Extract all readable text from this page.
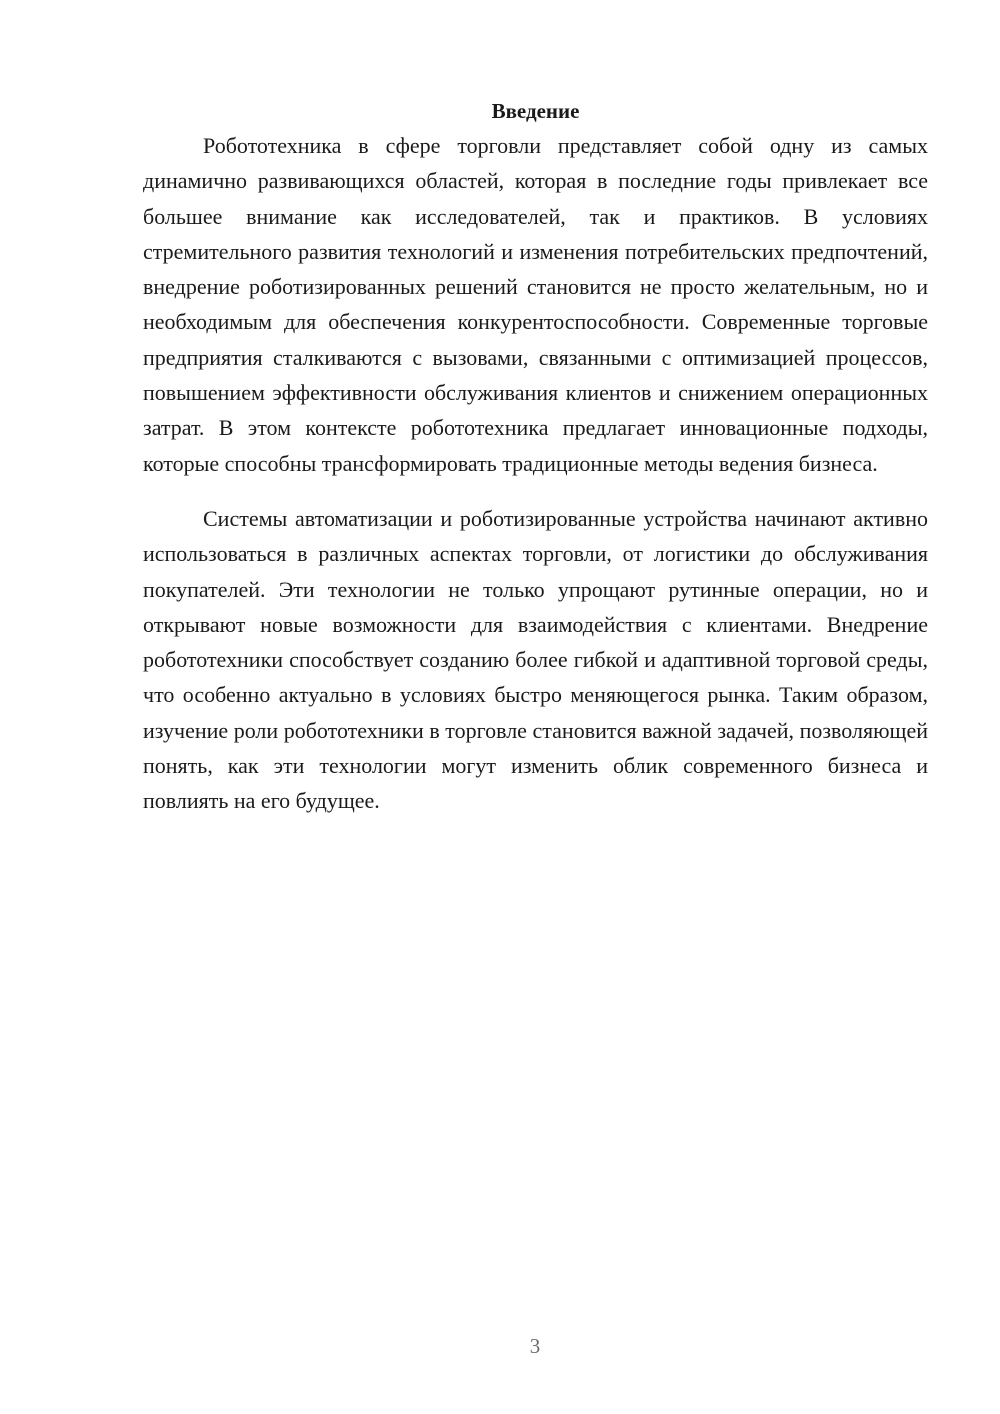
Введение

Робототехника в сфере торговли представляет собой одну из самых динамично развивающихся областей, которая в последние годы привлекает все большее внимание как исследователей, так и практиков. В условиях стремительного развития технологий и изменения потребительских предпочтений, внедрение роботизированных решений становится не просто желательным, но и необходимым для обеспечения конкурентоспособности. Современные торговые предприятия сталкиваются с вызовами, связанными с оптимизацией процессов, повышением эффективности обслуживания клиентов и снижением операционных затрат. В этом контексте робототехника предлагает инновационные подходы, которые способны трансформировать традиционные методы ведения бизнеса.

Системы автоматизации и роботизированные устройства начинают активно использоваться в различных аспектах торговли, от логистики до обслуживания покупателей. Эти технологии не только упрощают рутинные операции, но и открывают новые возможности для взаимодействия с клиентами. Внедрение робототехники способствует созданию более гибкой и адаптивной торговой среды, что особенно актуально в условиях быстро меняющегося рынка. Таким образом, изучение роли робототехники в торговле становится важной задачей, позволяющей понять, как эти технологии могут изменить облик современного бизнеса и повлиять на его будущее.

3
